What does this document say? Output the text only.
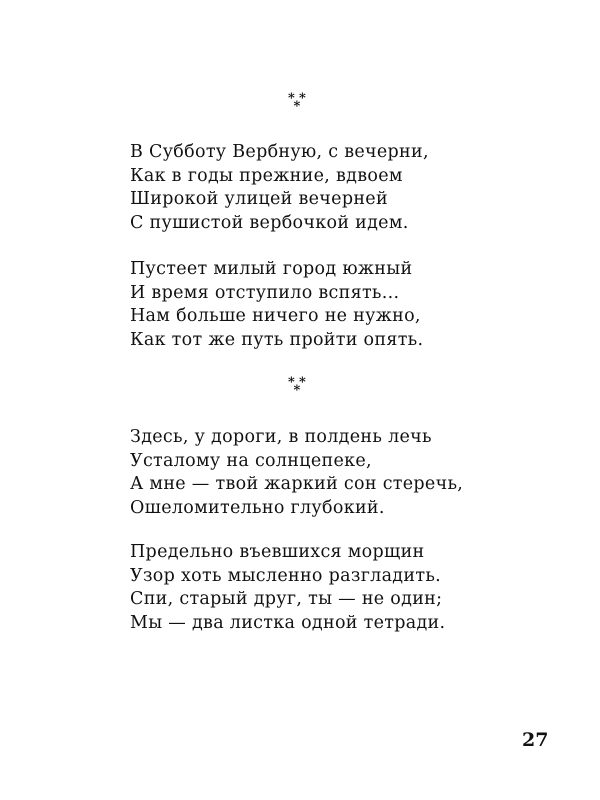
* *
*
В Субботу Вербную, с вечерни,
Как в годы прежние, вдвоем
Широкой улицей вечерней
С пушистой вербочкой идем.
Пустеет милый город южный
И время отступило вспять...
Нам больше ничего не нужно,
Как тот же путь пройти опять.
* *
*
Здесь, у дороги, в полдень лечь
Усталому на солнцепеке,
А мне — твой жаркий сон стеречь,
Ошеломительно глубокий.
Предельно въевшихся морщин
Узор хоть мысленно разгладить.
Спи, старый друг, ты — не один;
Мы — два листка одной тетради.
27
